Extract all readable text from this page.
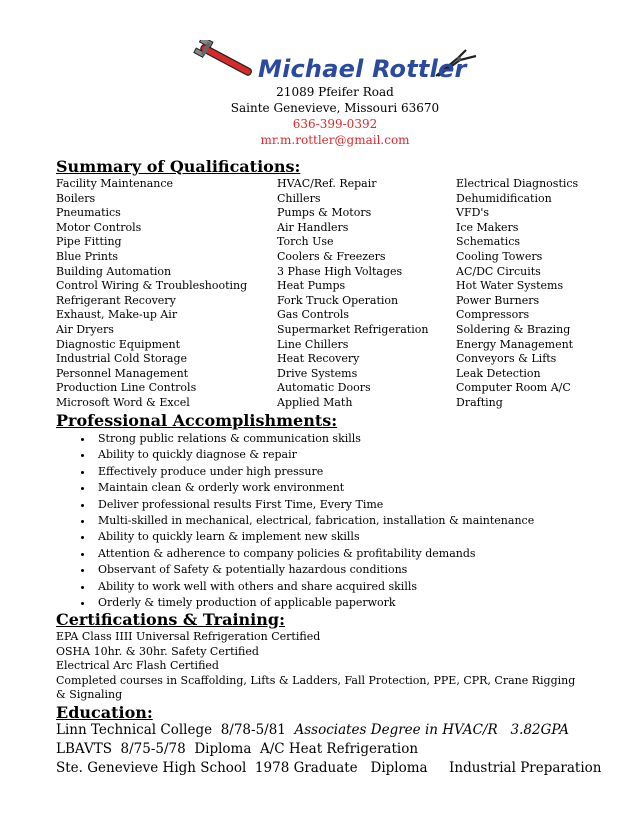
Michael Rottler
21089 Pfeifer Road
Sainte Genevieve, Missouri 63670
636-399-0392
mr.m.rottler@gmail.com
Summary of Qualifications:
Facility Maintenance
Boilers
Pneumatics
Motor Controls
Pipe Fitting
Blue Prints
Building Automation
Control Wiring & Troubleshooting
Refrigerant Recovery
Exhaust, Make-up Air
Air Dryers
Diagnostic Equipment
Industrial Cold Storage
Personnel Management
Production Line Controls
Microsoft Word & Excel
HVAC/Ref. Repair
Chillers
Pumps & Motors
Air Handlers
Torch Use
Coolers & Freezers
3 Phase High Voltages
Heat Pumps
Fork Truck Operation
Gas Controls
Supermarket Refrigeration
Line Chillers
Heat Recovery
Drive Systems
Automatic Doors
Applied Math
Electrical Diagnostics
Dehumidification
VFD's
Ice Makers
Schematics
Cooling Towers
AC/DC Circuits
Hot Water Systems
Power Burners
Compressors
Soldering & Brazing
Energy Management
Conveyors & Lifts
Leak Detection
Computer Room A/C
Drafting
Professional Accomplishments:
• Strong public relations & communication skills
• Ability to quickly diagnose & repair
• Effectively produce under high pressure
• Maintain clean & orderly work environment
• Deliver professional results First Time, Every Time
• Multi-skilled in mechanical, electrical, fabrication, installation & maintenance
• Ability to quickly learn & implement new skills
• Attention & adherence to company policies & profitability demands
• Observant of Safety & potentially hazardous conditions
• Ability to work well with others and share acquired skills
• Orderly & timely production of applicable paperwork
Certifications & Training:
EPA Class IIII Universal Refrigeration Certified
OSHA 10hr. & 30hr. Safety Certified
Electrical Arc Flash Certified
Completed courses in Scaffolding, Lifts & Ladders, Fall Protection, PPE, CPR, Crane Rigging & Signaling
Education:
Linn Technical College  8/78-5/81  Associates Degree in HVAC/R   3.82GPA
LBAVTS  8/75-5/78  Diploma  A/C Heat Refrigeration
Ste. Genevieve High School  1978 Graduate   Diploma     Industrial Preparation
